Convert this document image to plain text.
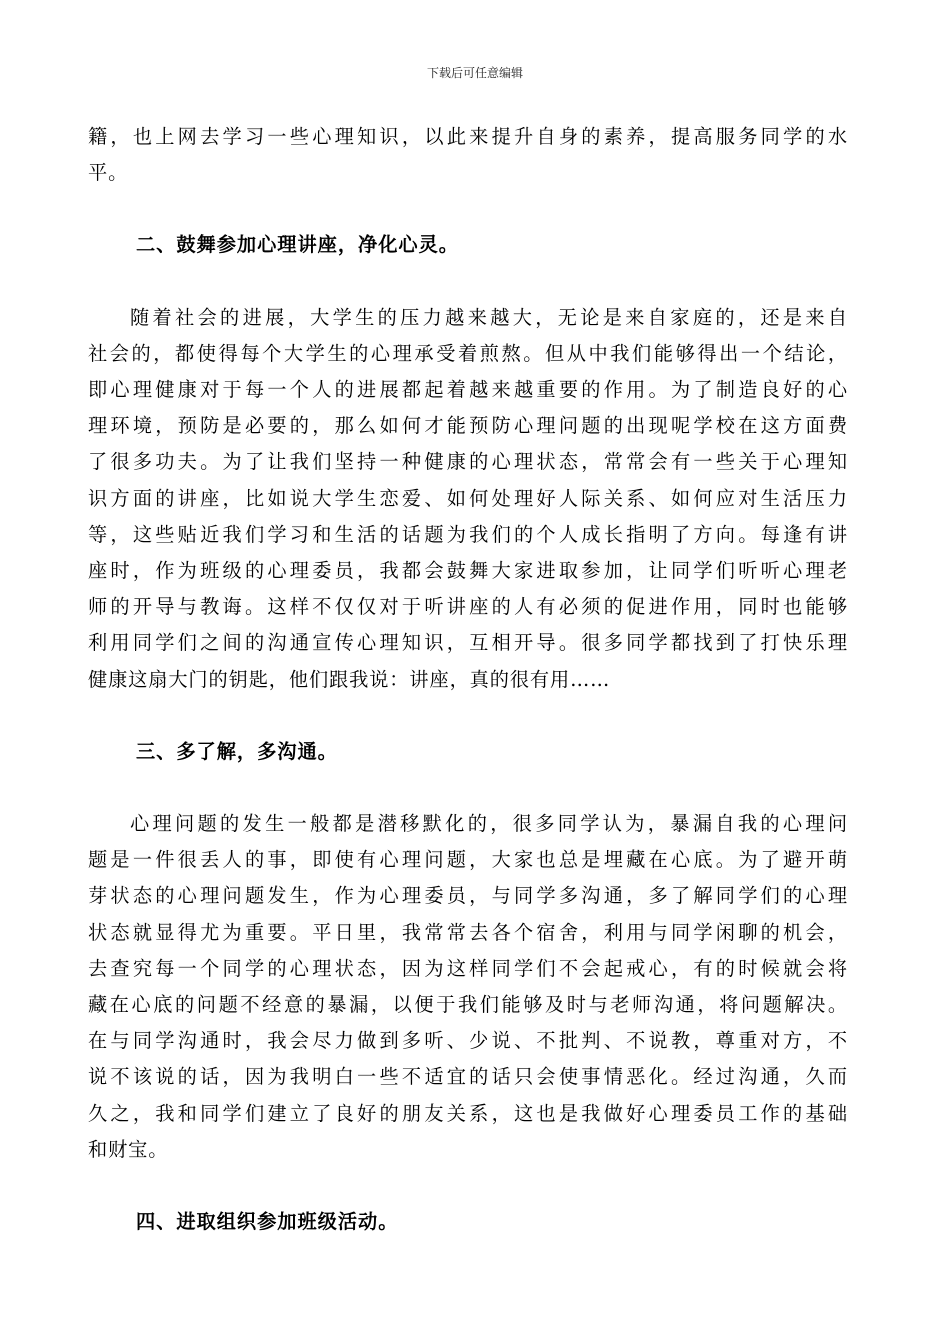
下载后可任意编辑

籍，也上网去学习一些心理知识，以此来提升自身的素养，提高服务同学的水
平。

二、鼓舞参加心理讲座，净化心灵。

随着社会的进展，大学生的压力越来越大，无论是来自家庭的，还是来自
社会的，都使得每个大学生的心理承受着煎熬。但从中我们能够得出一个结论，
即心理健康对于每一个人的进展都起着越来越重要的作用。为了制造良好的心
理环境，预防是必要的，那么如何才能预防心理问题的出现呢学校在这方面费
了很多功夫。为了让我们坚持一种健康的心理状态，常常会有一些关于心理知
识方面的讲座，比如说大学生恋爱、如何处理好人际关系、如何应对生活压力
等，这些贴近我们学习和生活的话题为我们的个人成长指明了方向。每逢有讲
座时，作为班级的心理委员，我都会鼓舞大家进取参加，让同学们听听心理老
师的开导与教诲。这样不仅仅对于听讲座的人有必须的促进作用，同时也能够
利用同学们之间的沟通宣传心理知识，互相开导。很多同学都找到了打快乐理
健康这扇大门的钥匙，他们跟我说：讲座，真的很有用……

三、多了解，多沟通。

心理问题的发生一般都是潜移默化的，很多同学认为，暴漏自我的心理问
题是一件很丢人的事，即使有心理问题，大家也总是埋藏在心底。为了避开萌
芽状态的心理问题发生，作为心理委员，与同学多沟通，多了解同学们的心理
状态就显得尤为重要。平日里，我常常去各个宿舍，利用与同学闲聊的机会，
去查究每一个同学的心理状态，因为这样同学们不会起戒心，有的时候就会将
藏在心底的问题不经意的暴漏，以便于我们能够及时与老师沟通，将问题解决。
在与同学沟通时，我会尽力做到多听、少说、不批判、不说教，尊重对方，不
说不该说的话，因为我明白一些不适宜的话只会使事情恶化。经过沟通，久而
久之，我和同学们建立了良好的朋友关系，这也是我做好心理委员工作的基础
和财宝。

四、进取组织参加班级活动。
